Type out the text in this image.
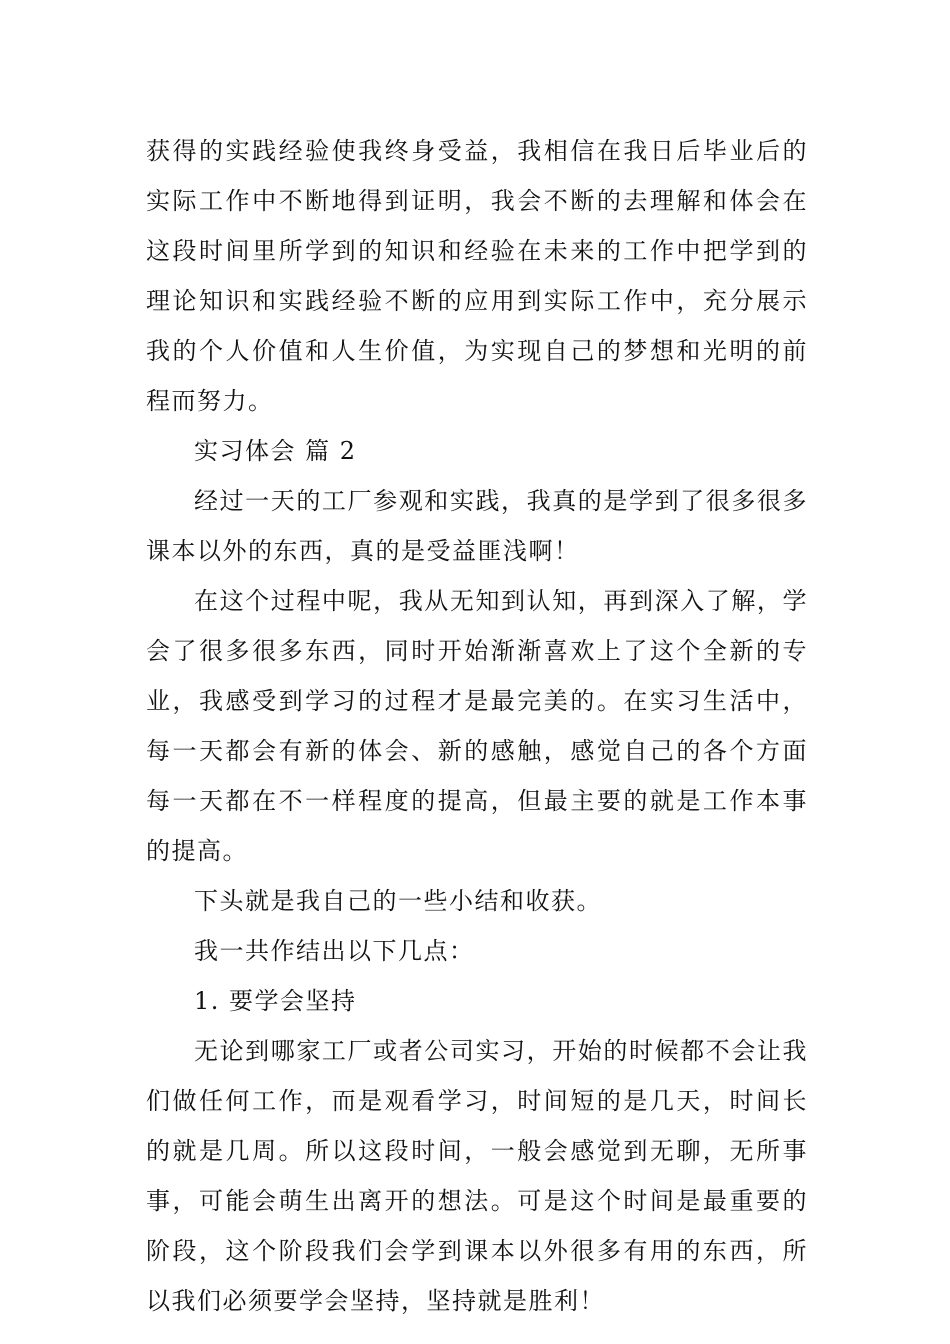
获得的实践经验使我终身受益，我相信在我日后毕业后的实际工作中不断地得到证明，我会不断的去理解和体会在这段时间里所学到的知识和经验在未来的工作中把学到的理论知识和实践经验不断的应用到实际工作中，充分展示我的个人价值和人生价值，为实现自己的梦想和光明的前程而努力。

实习体会 篇 2

经过一天的工厂参观和实践，我真的是学到了很多很多课本以外的东西，真的是受益匪浅啊！

在这个过程中呢，我从无知到认知，再到深入了解，学会了很多很多东西，同时开始渐渐喜欢上了这个全新的专业，我感受到学习的过程才是最完美的。在实习生活中，每一天都会有新的体会、新的感触，感觉自己的各个方面每一天都在不一样程度的提高，但最主要的就是工作本事的提高。

下头就是我自己的一些小结和收获。

我一共作结出以下几点：

1. 要学会坚持

无论到哪家工厂或者公司实习，开始的时候都不会让我们做任何工作，而是观看学习，时间短的是几天，时间长的就是几周。所以这段时间，一般会感觉到无聊，无所事事，可能会萌生出离开的想法。可是这个时间是最重要的阶段，这个阶段我们会学到课本以外很多有用的东西，所以我们必须要学会坚持，坚持就是胜利！
